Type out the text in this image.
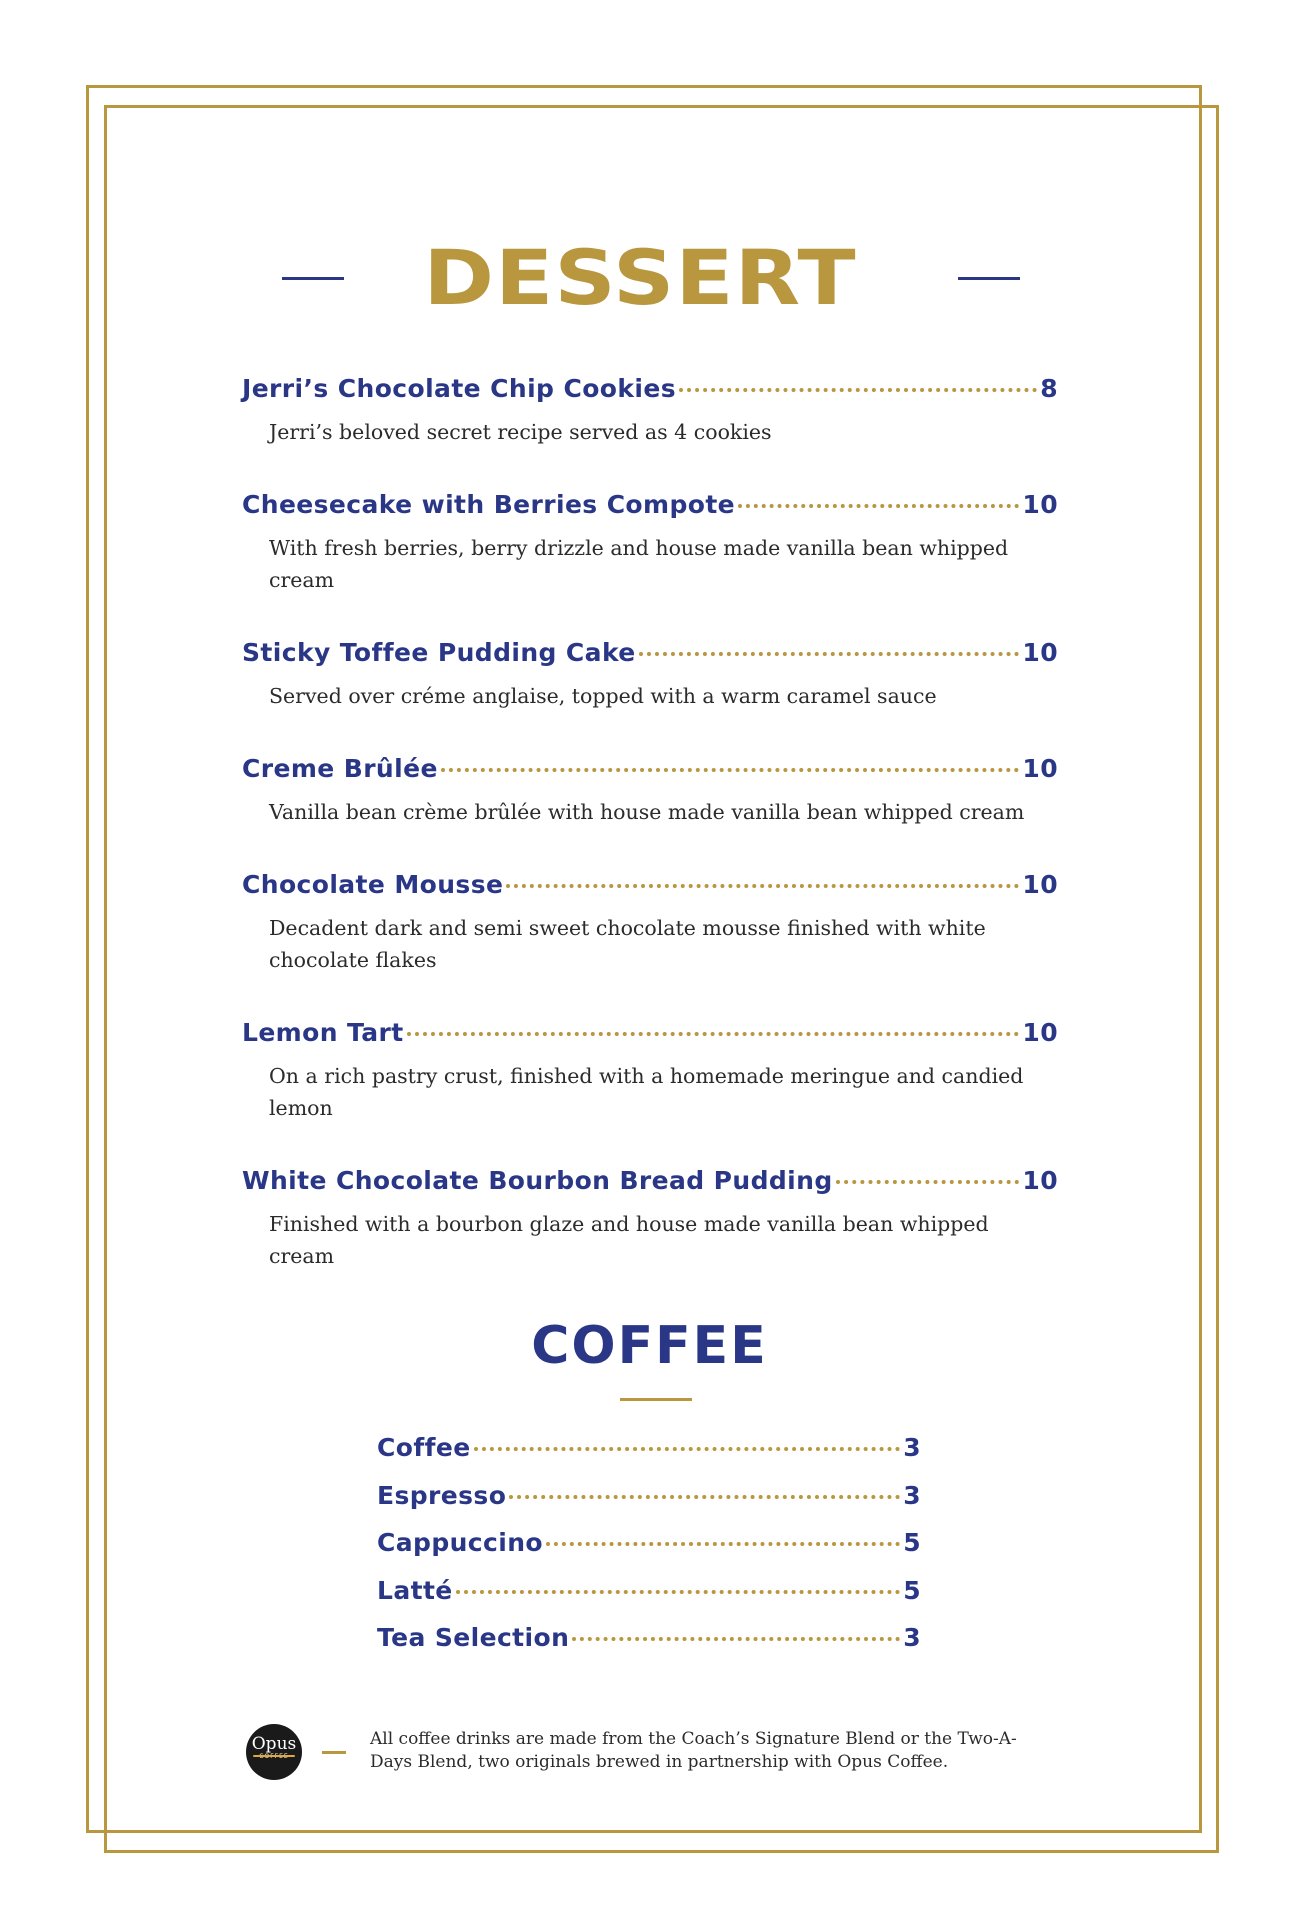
DESSERT
Jerri’s Chocolate Chip Cookies	8
Jerri’s beloved secret recipe served as 4 cookies
Cheesecake with Berries Compote	10
With fresh berries, berry drizzle and house made vanilla bean whipped cream
Sticky Toffee Pudding Cake	10
Served over créme anglaise, topped with a warm caramel sauce
Creme Brûlée	10
Vanilla bean crème brûlée with house made vanilla bean whipped cream
Chocolate Mousse	10
Decadent dark and semi sweet chocolate mousse finished with white chocolate flakes
Lemon Tart	10
On a rich pastry crust, finished with a homemade meringue and candied lemon
White Chocolate Bourbon Bread Pudding	10
Finished with a bourbon glaze and house made vanilla bean whipped cream
COFFEE
Coffee	3
Espresso	3
Cappuccino	5
Latté	5
Tea Selection	3
Opus	All coffee drinks are made from the Coach’s Signature Blend or the Two-A-Days Blend, two originals brewed in partnership with Opus Coffee.
